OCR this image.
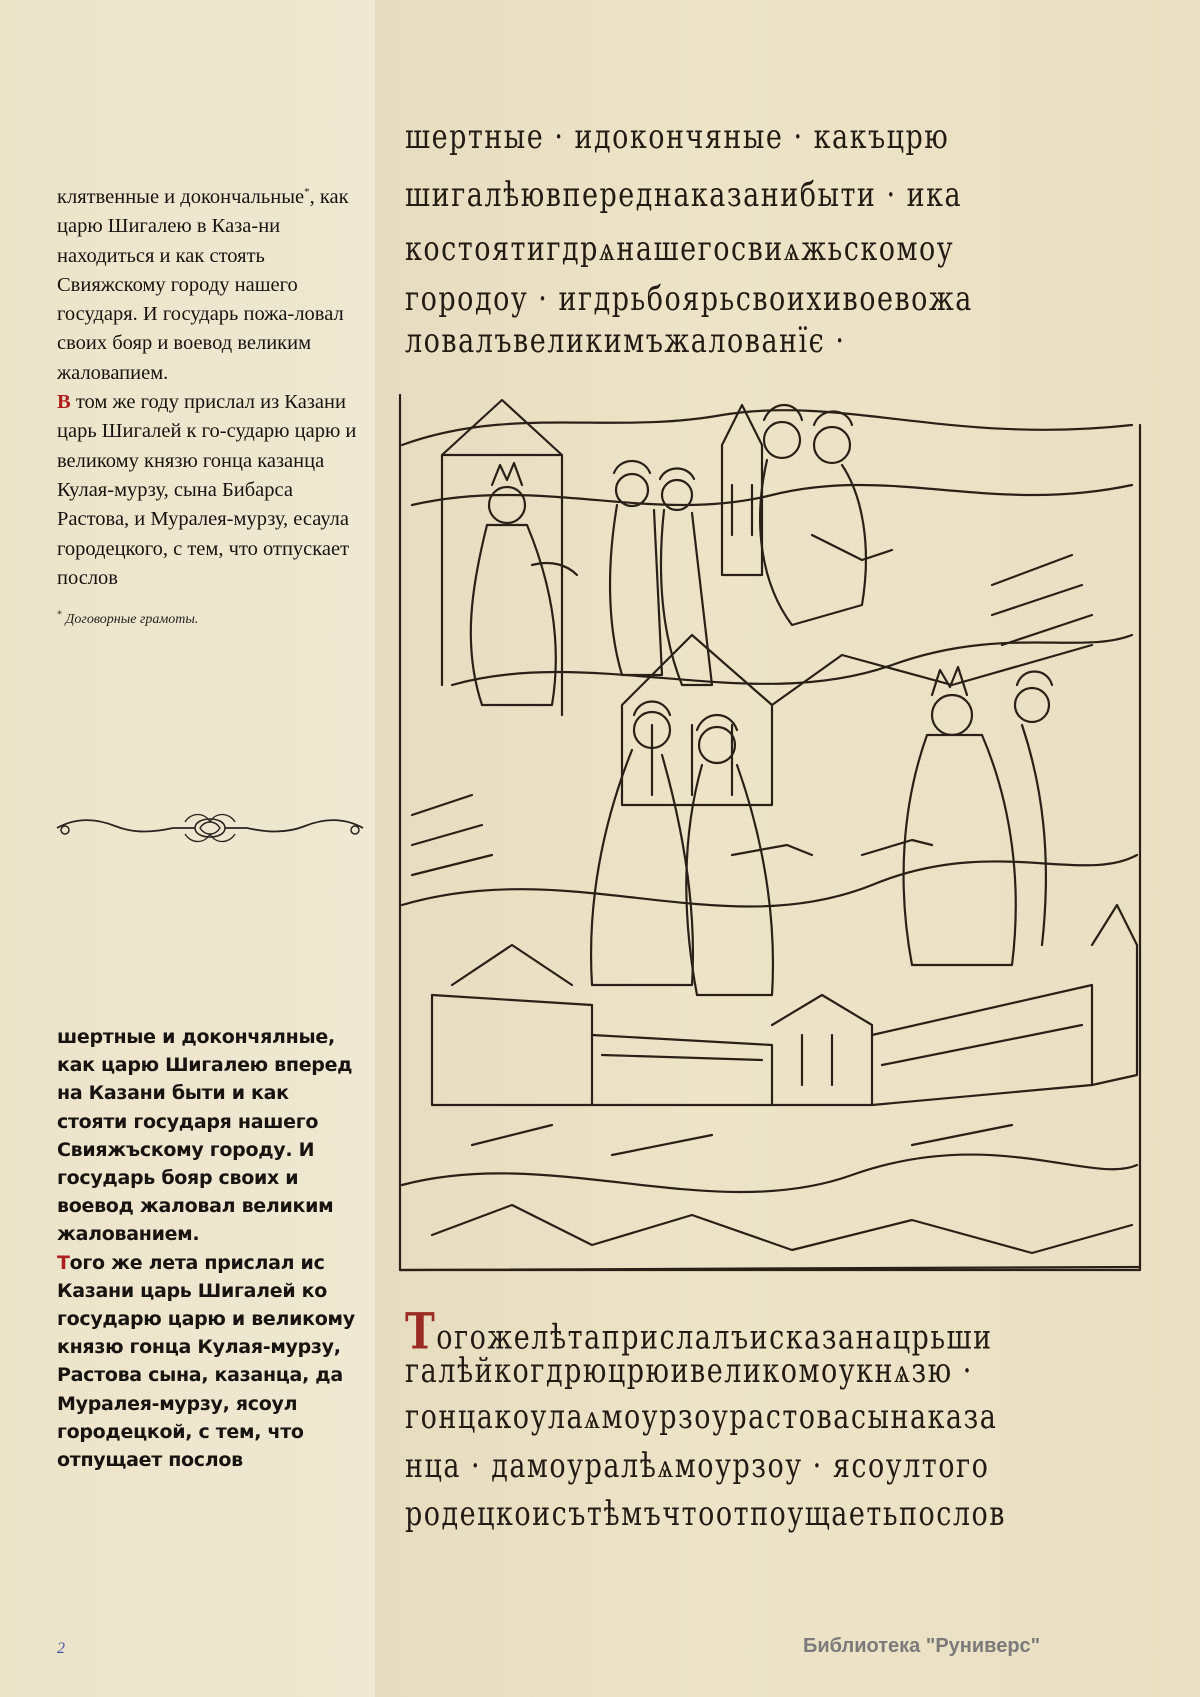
клятвенные и докончальные*, как царю Шигалею в Каза-ни находиться и как стоять Свияжскому городу нашего государя. И государь пожа-ловал своих бояр и воевод великим жаловапием.

В том же году прислал из Казани царь Шигалей к го-сударю царю и великому князю гонца казанца Кулая-мурзу, сына Бибарса Растова, и Муралея-мурзу, есаула городецкого, с тем, что отпускает послов

* Договорные грамоты.

шертные и докончялные, как царю Шигалею вперед на Казани быти и как стояти государя нашего Свияжъскому городу. И государь бояр своих и воевод жаловал великим жалованием.

Того же лета прислал ис Казани царь Шигалей ко государю царю и великому князю гонца Кулая-мурзу, Растова сына, казанца, да Муралея-мурзу, ясоул городецкой, с тем, что отпущает послов

шертные · идокончяные · какъцрю
шигалѣювпереднаказанибыти · ика
костоятигдрѧнашегосвиѧжьскомоу
городоу · игдрьбоярьсвоихивоевожа
ловалъвеликимъжалованїє ·
Тогожелѣтаприслалъисказанацрьши
галѣйкогдрюцрюивеликомоукнѧзю ·
гонцакоулаѧмоурзоурастовасынаказа
нца · дамоуралѣѧмоурзоу · ясоултого
родецкоисътѣмъчтоотпоущаетьпослов
2	Библиотека "Руниверс"
